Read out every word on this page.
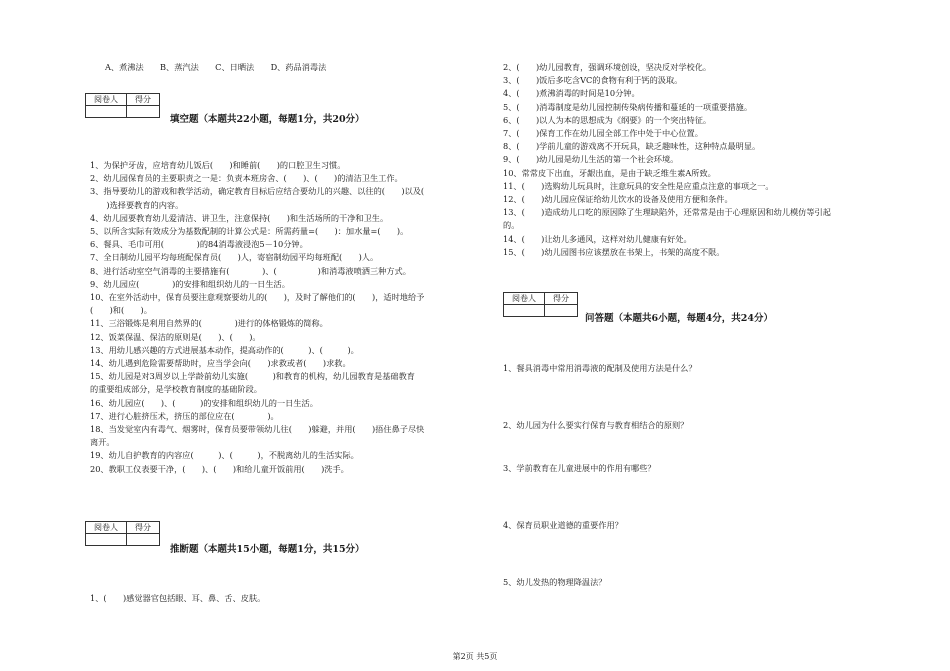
A、煮沸法　　B、蒸汽法　　C、日晒法　　D、药品消毒法
阅卷人	得分

填空题（本题共22小题，每题1分，共20分）
1、为保护牙齿，应培育幼儿饭后(　　)和睡前(　　)的口腔卫生习惯。
2、幼儿园保育员的主要职责之一是：负责本班房舍、(　　)、(　　)的清洁卫生工作。
3、指导要幼儿的游戏和教学活动，确定教育目标后应结合要幼儿的兴趣、以往的(　　)以及(
　　)选择要教育的内容。
4、幼儿园要教育幼儿爱清洁、讲卫生，注意保持(　　)和生活场所的干净和卫生。
5、以所含实际有效成分为基数配制的计算公式是：所需药量=(　　)：加水量=(　　)。
6、餐具、毛巾可用(　　　　)的84消毒液浸泡5－10分钟。
7、全日制幼儿园平均每班配保育员(　　)人，寄宿制幼园平均每班配(　　)人。
8、进行活动室空气消毒的主要措施有(　　　　)、(　　　　　)和消毒液喷洒三种方式。
9、幼儿园应(　　　　)的安排和组织幼儿的一日生活。
10、在室外活动中，保育员要注意观察要幼儿的(　　)，及时了解他们的(　　)，适时地给予
(　　)和(　　)。
11、三浴锻炼是利用自然界的(　　　　)进行的体格锻炼的简称。
12、饭菜保温、保洁的原则是(　　)、(　　)。
13、用幼儿感兴趣的方式进展基本动作，提高动作的(　　　)、(　　　)。
14、幼儿遇到危险需要帮助时，应当学会向(　　)求救或者(　　)求救。
15、幼儿园是对3周岁以上学龄前幼儿实施(　　　)和教育的机构，幼儿园教育是基础教育
的重要组成部分，是学校教育制度的基础阶段。
16、幼儿园应(　　)、(　　　)的安排和组织幼儿的一日生活。
17、进行心脏挤压术，挤压的部位应在(　　　　)。
18、当发觉室内有毒气、烟雾时，保育员要带领幼儿往(　　)躲避，并用(　　)捂住鼻子尽快
离开。
19、幼儿自护教育的内容应(　　　)、(　　　)，不脱离幼儿的生活实际。
20、教职工仪表要干净，(　　)、(　　)和给儿童开饭前用(　　)洗手。
阅卷人	得分

推断题（本题共15小题，每题1分，共15分）
1、(　　)感觉器官包括眼、耳、鼻、舌、皮肤。
2、(　　)幼儿园教育，强调环境创设，坚决反对学校化。
3、(　　)饭后多吃含VC的食物有利于钙的汲取。
4、(　　)煮沸消毒的时间是10分钟。
5、(　　)消毒制度是幼儿园控制传染病传播和蔓延的一项重要措施。
6、(　　)以人为本的思想成为《纲要》的一个突出特征。
7、(　　)保育工作在幼儿园全部工作中处于中心位置。
8、(　　)学前儿童的游戏离不开玩具，缺乏趣味性，这种特点最明显。
9、(　　)幼儿园是幼儿生活的第一个社会环境。
10、常常皮下出血，牙龈出血，是由于缺乏维生素A所致。
11、(　　)选购幼儿玩具时，注意玩具的安全性是应重点注意的事项之一。
12、(　　)幼儿园应保证给幼儿饮水的设备及使用方便和条件。
13、(　　)造成幼儿口吃的原因除了生理缺陷外，还常常是由于心理原因和幼儿模仿等引起
的。
14、(　　)让幼儿多通风，这样对幼儿健康有好处。
15、(　　)幼儿园图书应该摆放在书架上，书架的高度不限。
阅卷人	得分

问答题（本题共6小题，每题4分，共24分）
1、餐具消毒中常用消毒液的配制及使用方法是什么？
2、幼儿园为什么要实行保育与教育相结合的原则？
3、学前教育在儿童进展中的作用有哪些？
4、保育员职业道德的重要作用？
5、幼儿发热的物理降温法？
第2页 共5页
